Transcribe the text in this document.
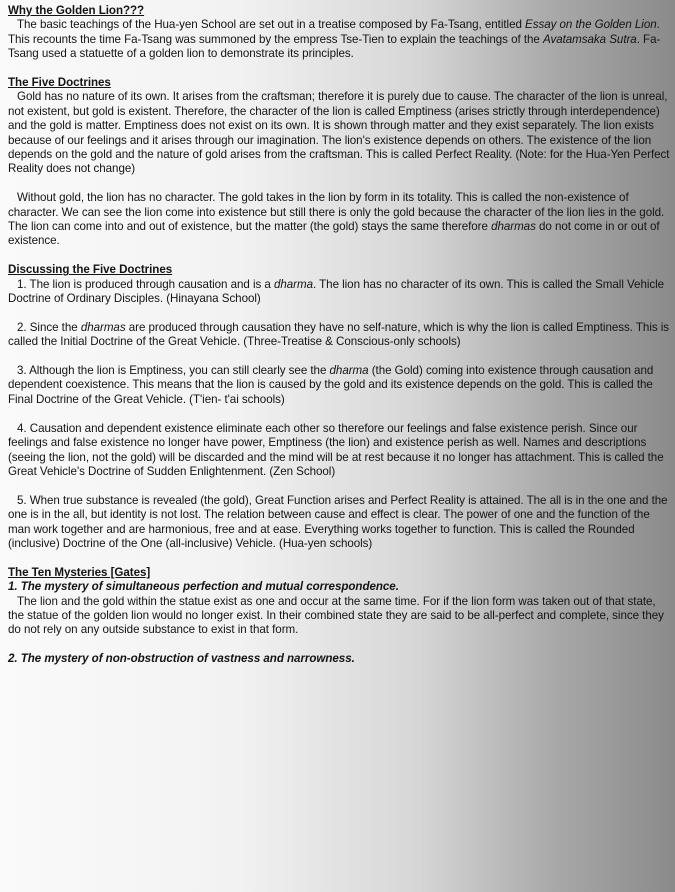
Why the Golden Lion???

The basic teachings of the Hua-yen School are set out in a treatise composed by Fa-Tsang, entitled Essay on the Golden Lion. This recounts the time Fa-Tsang was summoned by the empress Tse-Tien to explain the teachings of the Avatamsaka Sutra. Fa-Tsang used a statuette of a golden lion to demonstrate its principles.

The Five Doctrines

Gold has no nature of its own. It arises from the craftsman; therefore it is purely due to cause. The character of the lion is unreal, not existent, but gold is existent. Therefore, the character of the lion is called Emptiness (arises strictly through interdependence) and the gold is matter. Emptiness does not exist on its own. It is shown through matter and they exist separately. The lion exists because of our feelings and it arises through our imagination. The lion's existence depends on others. The existence of the lion depends on the gold and the nature of gold arises from the craftsman. This is called Perfect Reality. (Note: for the Hua-Yen Perfect Reality does not change)

Without gold, the lion has no character. The gold takes in the lion by form in its totality. This is called the non-existence of character. We can see the lion come into existence but still there is only the gold because the character of the lion lies in the gold. The lion can come into and out of existence, but the matter (the gold) stays the same therefore dharmas do not come in or out of existence.

Discussing the Five Doctrines

1. The lion is produced through causation and is a dharma. The lion has no character of its own. This is called the Small Vehicle Doctrine of Ordinary Disciples. (Hinayana School)

2. Since the dharmas are produced through causation they have no self-nature, which is why the lion is called Emptiness. This is called the Initial Doctrine of the Great Vehicle. (Three-Treatise & Conscious-only schools)

3. Although the lion is Emptiness, you can still clearly see the dharma (the Gold) coming into existence through causation and dependent coexistence. This means that the lion is caused by the gold and its existence depends on the gold. This is called the Final Doctrine of the Great Vehicle. (T'ien- t'ai schools)

4. Causation and dependent existence eliminate each other so therefore our feelings and false existence perish. Since our feelings and false existence no longer have power, Emptiness (the lion) and existence perish as well. Names and descriptions (seeing the lion, not the gold) will be discarded and the mind will be at rest because it no longer has attachment. This is called the Great Vehicle's Doctrine of Sudden Enlightenment. (Zen School)

5. When true substance is revealed (the gold), Great Function arises and Perfect Reality is attained. The all is in the one and the one is in the all, but identity is not lost. The relation between cause and effect is clear. The power of one and the function of the man work together and are harmonious, free and at ease. Everything works together to function. This is called the Rounded (inclusive) Doctrine of the One (all-inclusive) Vehicle. (Hua-yen schools)

The Ten Mysteries [Gates]

1. The mystery of simultaneous perfection and mutual correspondence.

The lion and the gold within the statue exist as one and occur at the same time. For if the lion form was taken out of that state, the statue of the golden lion would no longer exist. In their combined state they are said to be all-perfect and complete, since they do not rely on any outside substance to exist in that form.

2. The mystery of non-obstruction of vastness and narrowness.
